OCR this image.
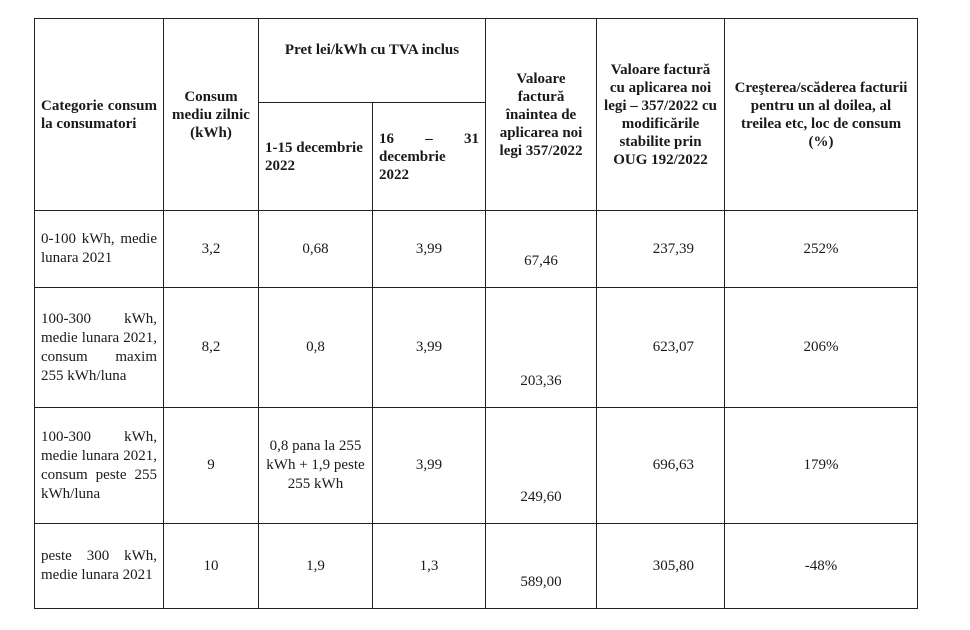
Categorie consum la consumatori	Consum mediu zilnic (kWh)	Pret lei/kWh cu TVA inclus		Valoare factură înaintea de aplicarea noi legi 357/2022	Valoare factură cu aplicarea noi legi – 357/2022 cu modificările stabilite prin OUG 192/2022	Creşterea/scăderea facturii pentru un al doilea, al treilea etc, loc de consum (%)
		1-15 decembrie 2022	16 – 31 decembrie 2022			
0-100 kWh, medie lunara 2021	3,2	0,68	3,99	67,46	237,39	252%
100-300 kWh, medie lunara 2021, consum maxim 255 kWh/luna	8,2	0,8	3,99	203,36	623,07	206%
100-300 kWh, medie lunara 2021, consum peste 255 kWh/luna	9	0,8 pana la 255 kWh + 1,9 peste 255 kWh	3,99	249,60	696,63	179%
peste 300 kWh, medie lunara 2021	10	1,9	1,3	589,00	305,80	-48%
